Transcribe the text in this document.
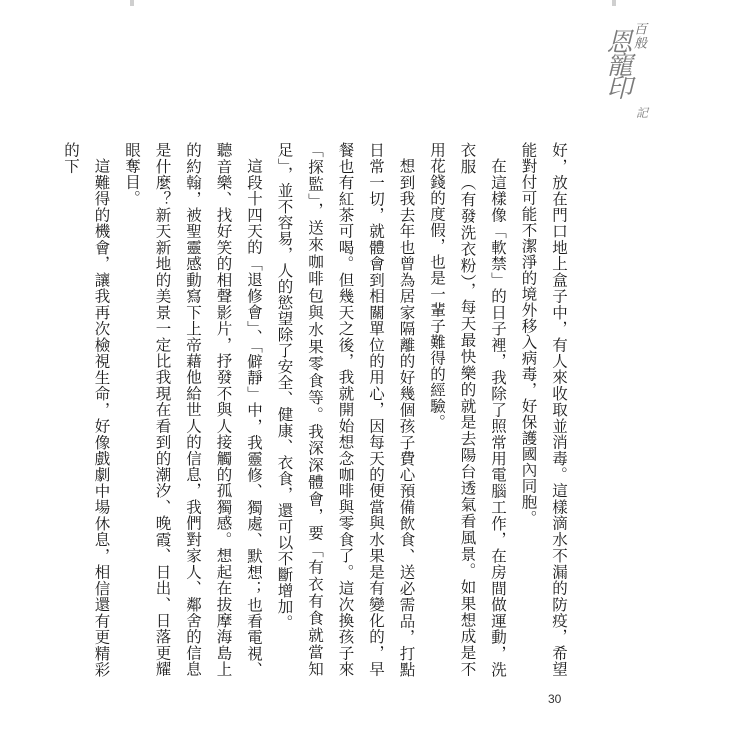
百般
恩寵印
記

好，放在門口地上盒子中，有人來收取並消毒。這樣滴水不漏的防疫，希望能對付可能不潔淨的境外移入病毒，好保護國內同胞。

在這樣像「軟禁」的日子裡，我除了照常用電腦工作，在房間做運動，洗衣服（有發洗衣粉），每天最快樂的就是去陽台透氣看風景。如果想成是不用花錢的度假，也是一輩子難得的經驗。

想到我去年也曾為居家隔離的好幾個孩子費心預備飲食、送必需品，打點日常一切，就體會到相關單位的用心，因每天的便當與水果是有變化的，早餐也有紅茶可喝。但幾天之後，我就開始想念咖啡與零食了。這次換孩子來「探監」，送來咖啡包與水果零食等。我深深體會，要「有衣有食就當知足」，並不容易，人的慾望除了安全、健康、衣食，還可以不斷增加。

這段十四天的「退修會」、「僻靜」中，我靈修、獨處、默想；也看電視、聽音樂、找好笑的相聲影片，抒發不與人接觸的孤獨感。想起在拔摩海島上的約翰，被聖靈感動寫下上帝藉他給世人的信息，我們對家人、鄰舍的信息是什麼？新天新地的美景一定比我現在看到的潮汐、晚霞、日出、日落更耀眼奪目。

這難得的機會，讓我再次檢視生命，好像戲劇中場休息，相信還有更精彩的下

30
